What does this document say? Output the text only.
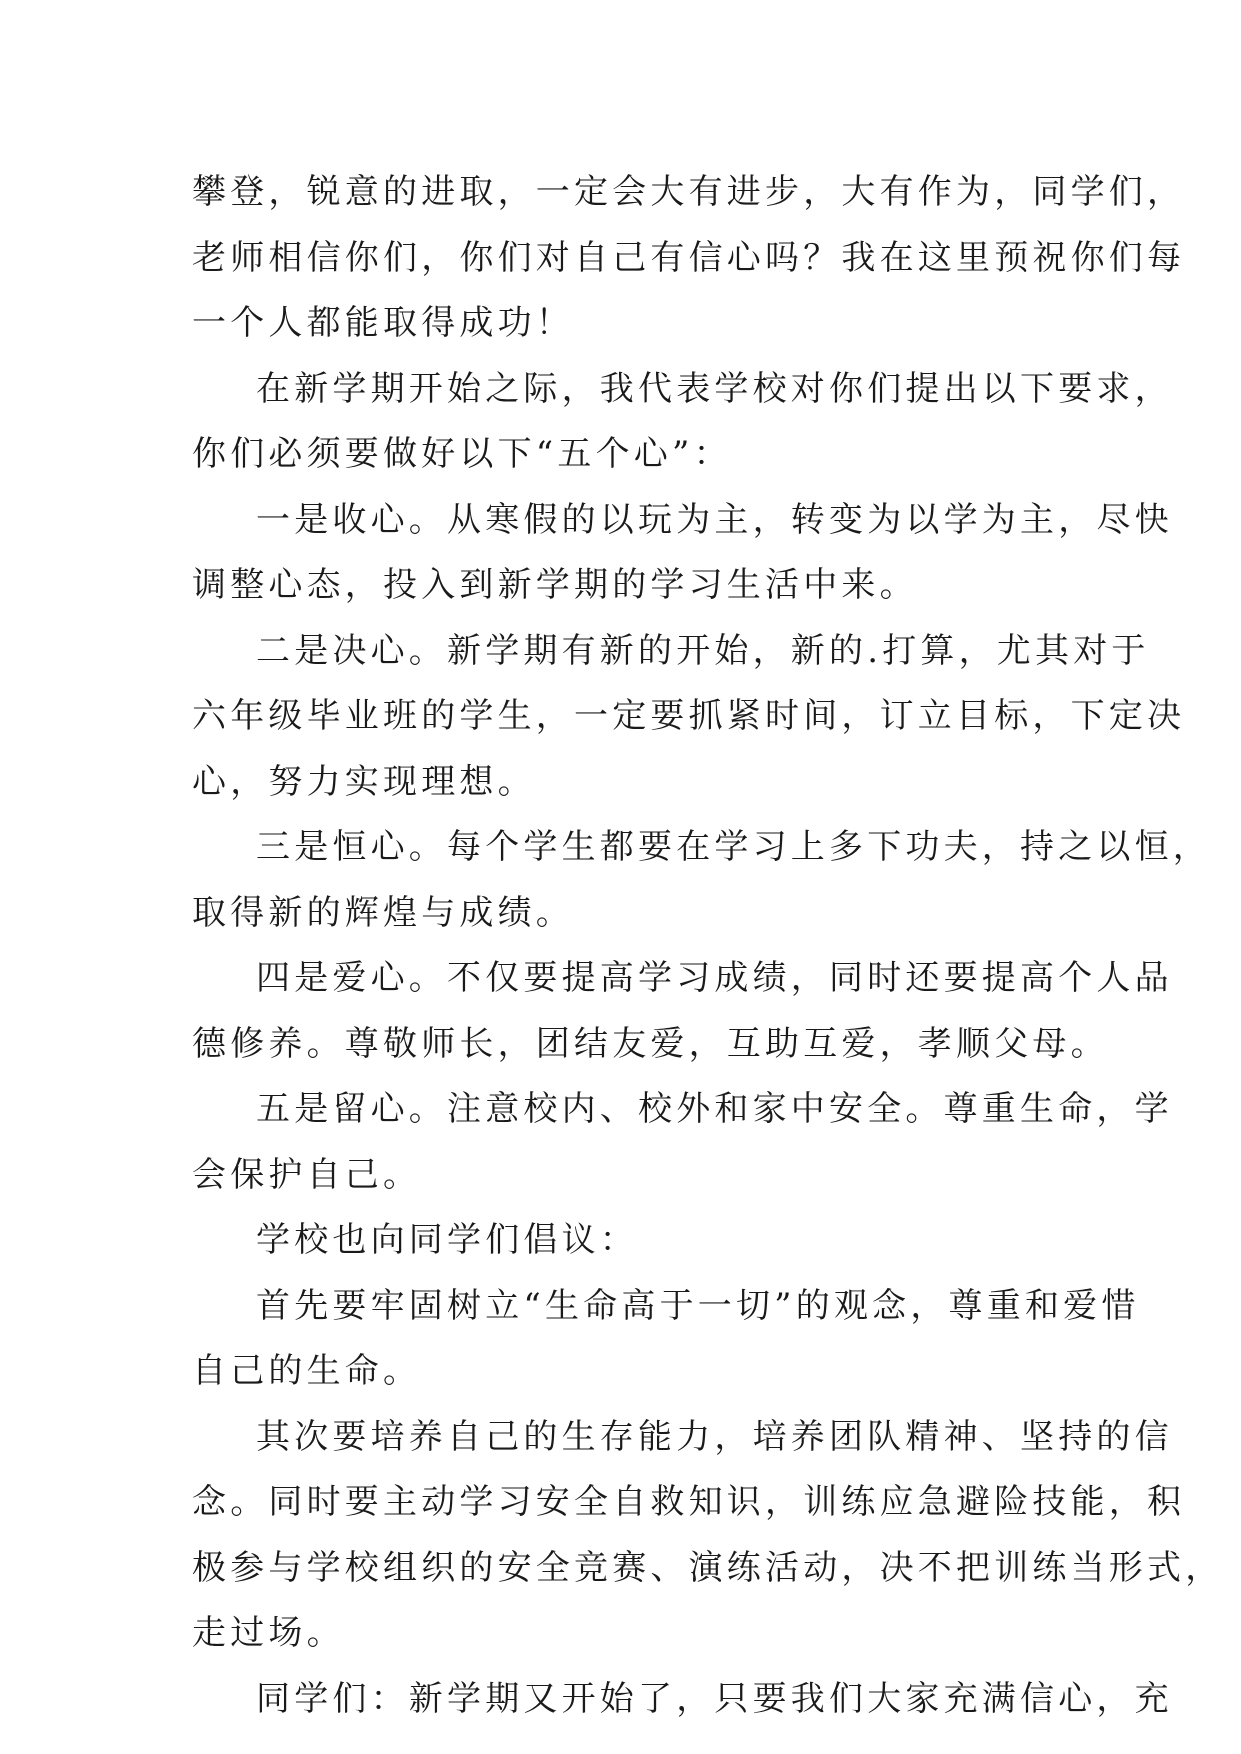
攀登，锐意的进取，一定会大有进步，大有作为，同学们，
老师相信你们，你们对自己有信心吗？我在这里预祝你们每
一个人都能取得成功！
在新学期开始之际，我代表学校对你们提出以下要求，
你们必须要做好以下“五个心”：
一是收心。从寒假的以玩为主，转变为以学为主，尽快
调整心态，投入到新学期的学习生活中来。
二是决心。新学期有新的开始，新的.打算，尤其对于
六年级毕业班的学生，一定要抓紧时间，订立目标，下定决
心，努力实现理想。
三是恒心。每个学生都要在学习上多下功夫，持之以恒，
取得新的辉煌与成绩。
四是爱心。不仅要提高学习成绩，同时还要提高个人品
德修养。尊敬师长，团结友爱，互助互爱，孝顺父母。
五是留心。注意校内、校外和家中安全。尊重生命，学
会保护自己。
学校也向同学们倡议：
首先要牢固树立“生命高于一切”的观念，尊重和爱惜
自己的生命。
其次要培养自己的生存能力，培养团队精神、坚持的信
念。同时要主动学习安全自救知识，训练应急避险技能，积
极参与学校组织的安全竞赛、演练活动，决不把训练当形式，
走过场。
同学们：新学期又开始了，只要我们大家充满信心，充
